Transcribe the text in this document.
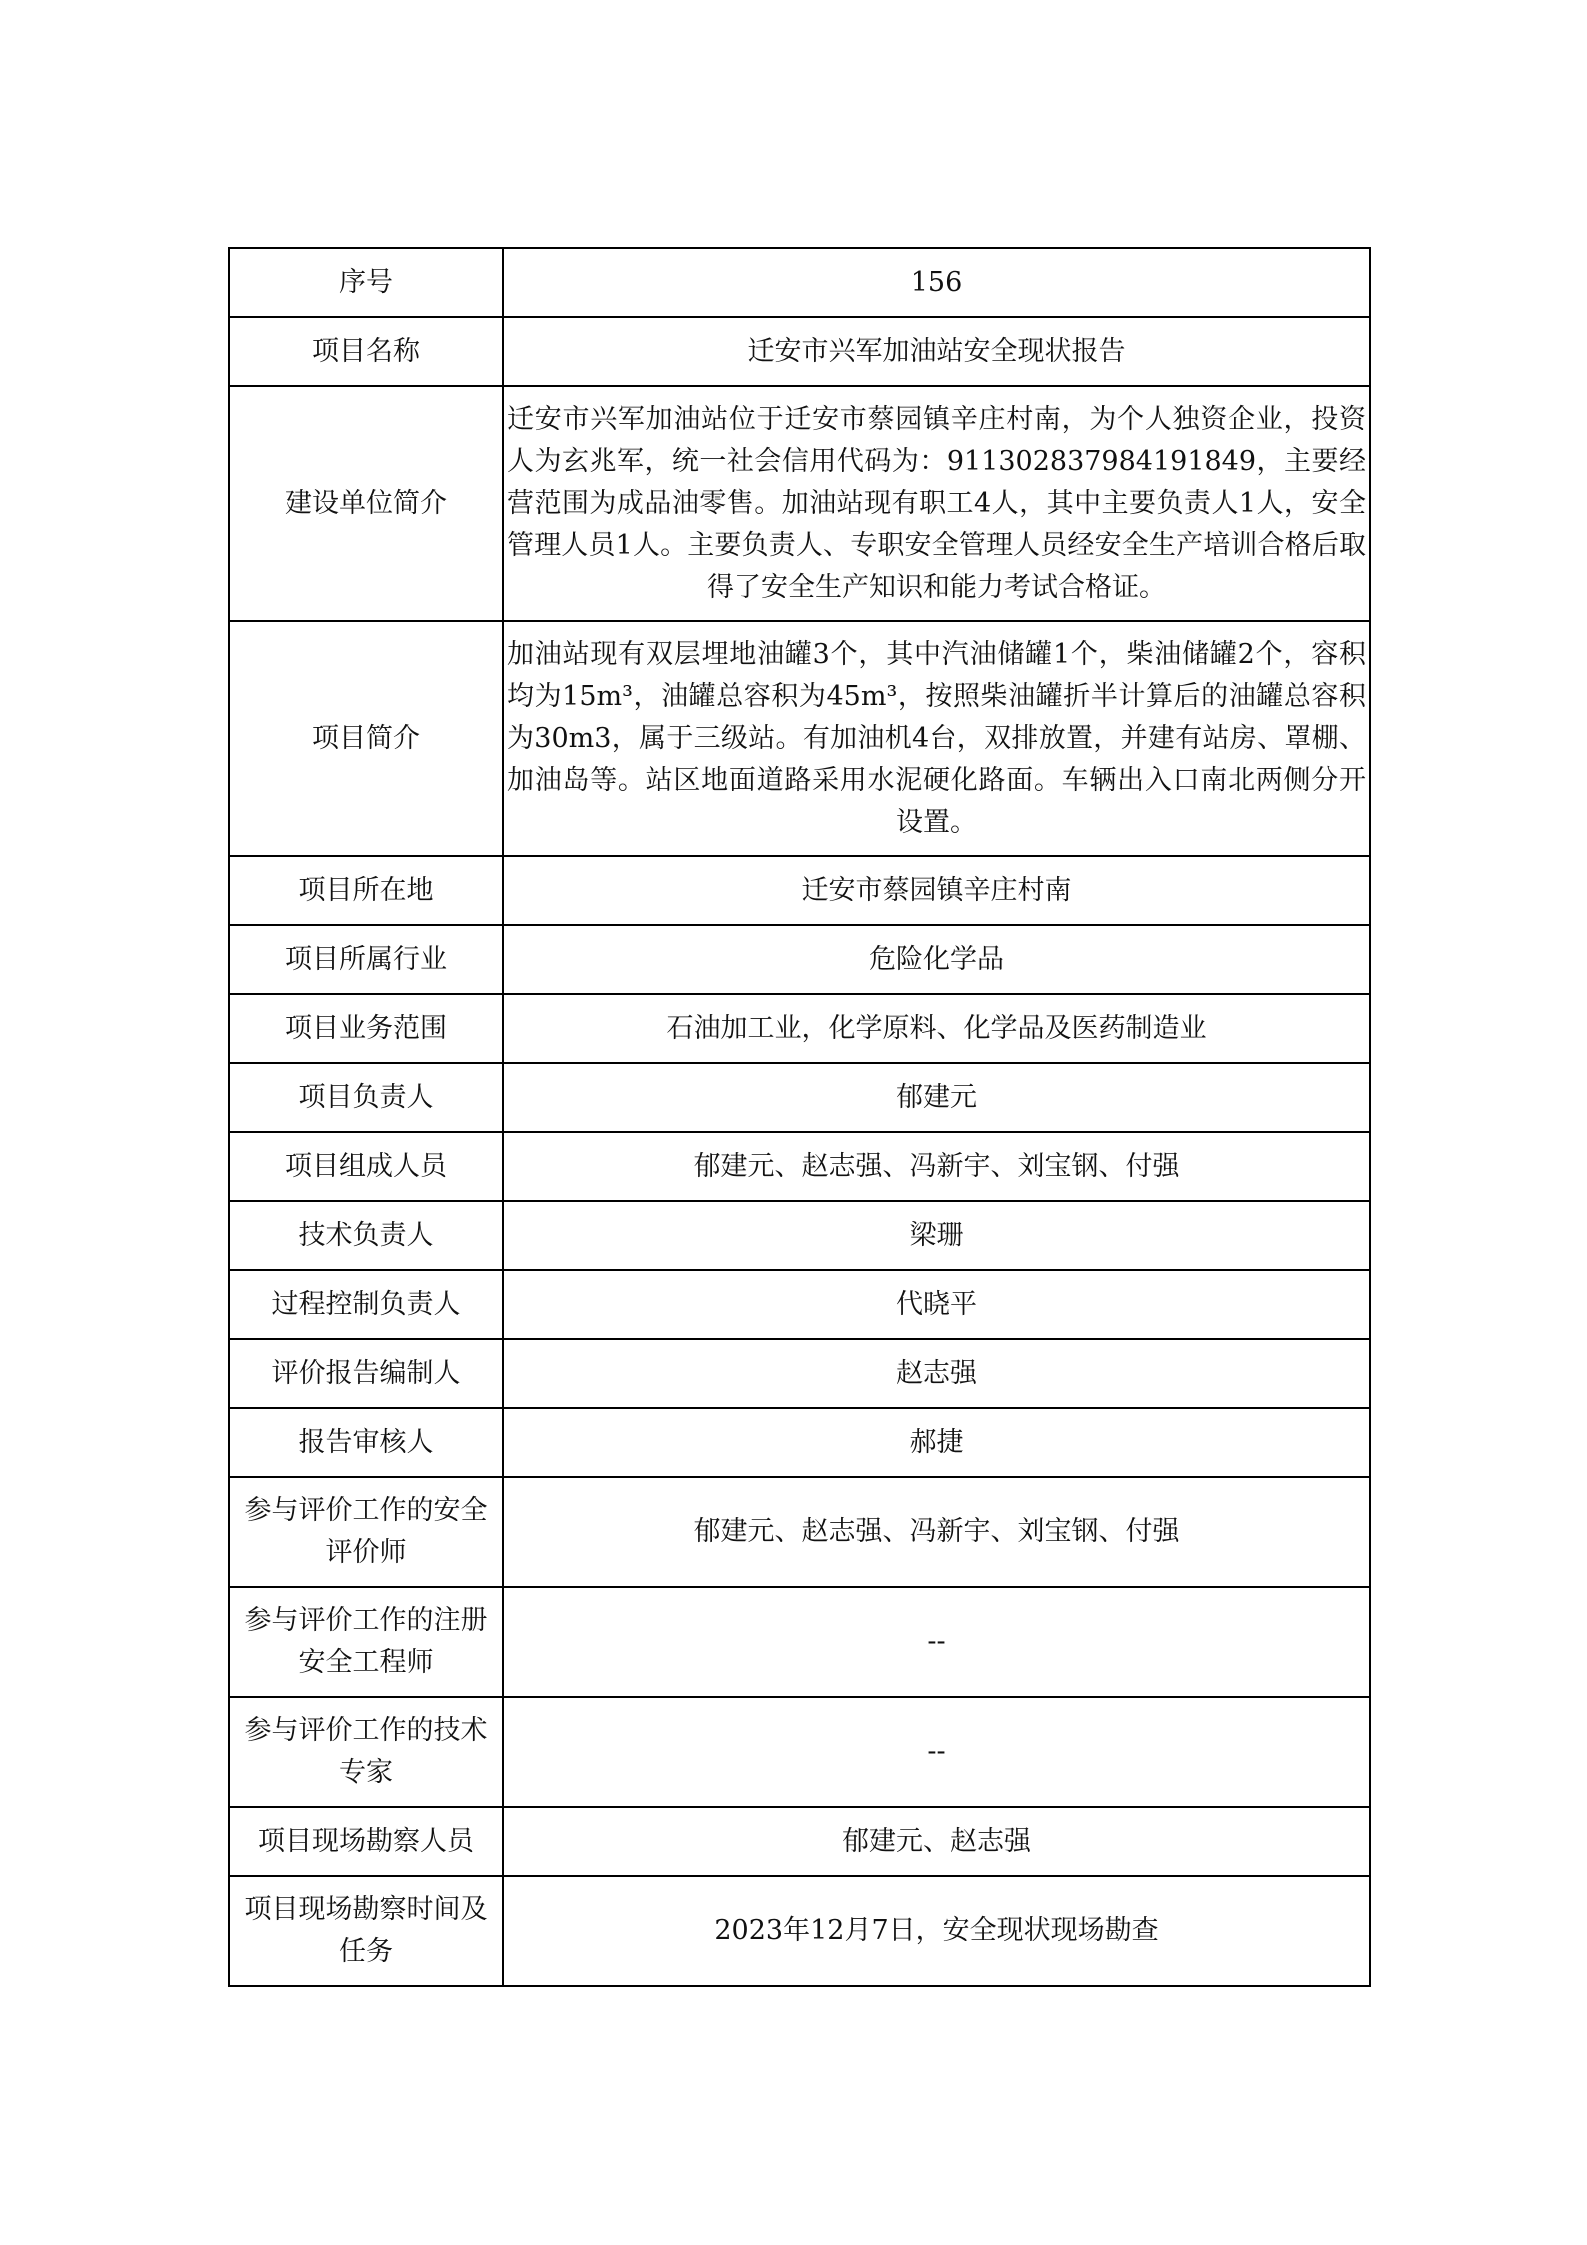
序号	156
项目名称	迁安市兴军加油站安全现状报告
建设单位简介	迁安市兴军加油站位于迁安市蔡园镇辛庄村南，为个人独资企业，投资人为玄兆军，统一社会信用代码为：911302837984191849，主要经营范围为成品油零售。加油站现有职工4人，其中主要负责人1人，安全管理人员1人。主要负责人、专职安全管理人员经安全生产培训合格后取得了安全生产知识和能力考试合格证。
项目简介	加油站现有双层埋地油罐3个，其中汽油储罐1个，柴油储罐2个，容积均为15m³，油罐总容积为45m³，按照柴油罐折半计算后的油罐总容积为30m3，属于三级站。有加油机4台，双排放置，并建有站房、罩棚、加油岛等。站区地面道路采用水泥硬化路面。车辆出入口南北两侧分开设置。
项目所在地	迁安市蔡园镇辛庄村南
项目所属行业	危险化学品
项目业务范围	石油加工业，化学原料、化学品及医药制造业
项目负责人	郁建元
项目组成人员	郁建元、赵志强、冯新宇、刘宝钢、付强
技术负责人	梁珊
过程控制负责人	代晓平
评价报告编制人	赵志强
报告审核人	郝捷
参与评价工作的安全评价师	郁建元、赵志强、冯新宇、刘宝钢、付强
参与评价工作的注册安全工程师	--
参与评价工作的技术专家	--
项目现场勘察人员	郁建元、赵志强
项目现场勘察时间及任务	2023年12月7日，安全现状现场勘查
